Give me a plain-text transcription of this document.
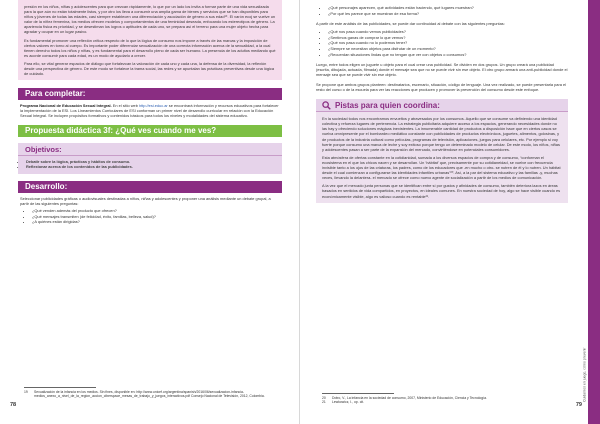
presión en los niños, niñas y adolescentes para que crezcan rápidamente, lo que por un lado los invita a formar parte de una vida sexualizada para la que aún no están totalmente listos, y por otro los lleva a consumir una amplia gama de bienes y servicios que se han disponibles para niños y jóvenes de todas las edades, casi siempre establecen una diferenciación y asociación de género a sus edad¹⁹. El varón ecoj se vuelve un valor de la niñez femenina, los medios ofrecen modelos y comportamientos de una feminidad deseada, enfocando los estereotipos de género. La apariencia física es prioridad, y se desestiman los logros o aptitudes de cada uno, se prepara así el terreno para una mujer objeto hecha para agradar y ocupar en un lugar pasivo.

Es fundamental promover una reflexión crítica respecto de lo que la lógica de consumo nos impone a través de las marcas y la imposición de ciertos valores en torno al cuerpo. Es importante poder diferenciar sexualización de una correcta información acerca de la sexualidad, a la cual tienen derecho todos los niños y niñas, y es fundamental para el desarrollo pleno de cada ser humano. La presencia de los adultos mediando qué es acorde consumir para cada edad, es un modo de ayudarlo a crecer.

Para ello, se vital generar espacios de diálogo que fortalezcan la valoración de cada uno y cada una, la defensa de la diversidad, la reflexión desde una perspectiva de género. De este modo se fortalece la trama social, las redes y se apuntalan las prácticas preventivas desde una lógica de cuidado.

Para completar:

Programa Nacional de Educación Sexual Integral. En el sitio web http://esi.educ.ar se encontrará información y recursos educativos para fortalecer la implementación de la ESI. Los Lineamientos Curriculares de ESI conforman un primer nivel de desarrollo curricular en relación con la Educación Sexual Integral. Se incluyen propósitos formativos y contenidos básicos para todos los niveles y modalidades del sistema educativo.

Propuesta didáctica 3f: ¿Qué ves cuando me ves?
Objetivos:
• Debatir sobre la lógica, prácticas y hábitos de consumo.
• Reflexionar acerca de los contenidos de las publicidades.
Desarrollo:

Seleccionar publicidades gráficas o audiovisuales destinadas a niños, niñas y adolescentes y proponer una análisis mediante un debate grupal, a partir de las siguientes preguntas:

• ¿Qué venden además del producto que ofrecen?
• ¿Qué mensajes transmiten (de felicidad, éxito, familias, belleza, salud)?
• ¿A quiénes están dirigidas?
19	Sexualización de la infancia en los medios. Sin fines, disponible en: http://www.unicef.org/argentina/spanish/2016/06/sexualizacion-infancia-medios_anexo_a_nivel_de_la_region_accion_ciberspace_mesas_de_trabajo_y_juegos_interactivos.pdf Consejo Nacional de Televisión, 2012, Colombia.
78
• ¿Qué personajes aparecen, qué actividades están haciendo, qué lugares muestran?
• ¿Por qué les parece que se muestran de esa forma?

A partir de este análisis de las publicidades, se puede dar continuidad al debate con las siguientes preguntas:

• ¿Qué nos pasa cuando vemos publicidades?
• ¿Sentimos ganas de comprar lo que vemos?
• ¿Qué nos pasa cuando no lo podemos tener?
• ¿Siempre se necesitan objetos para disfrutar de un momento?
• ¿Recuerdan situaciones lindas que no tengan que ver con objetos o consumos?

Luego, entre todos eligen un juguete u objeto para el cual crear una publicidad. Se dividen en dos grupos. Un grupo creará una publicidad (escrita, dibujada, actuada, filmada) donde el mensaje sea que no se puede vivir sin ese objeto. El otro grupo armará una anti-publicidad donde el mensaje sea que se puede vivir sin ese objeto.

Se propone que ambos grupos planteen: destinatarios, escenario, situación, código de lenguaje. Una vez realizado, se puede presentarla para el resto del curso o de la escuela para ver las reacciones que producen y promover la prevención del consumo desde este enfoque.

Pistas para quien coordina:

En la sociedad todos nos encontramos envueltos y atravesados por los consumos. Aquello que se consume va definiendo una identidad colectiva y refuerza lugares de pertenencia. La estrategia publicitaria adquiere acceso a los espacios, generando necesidades donde no las hay y ofreciendo soluciones mágicas inexistentes. La innumerable cantidad de productos a disposición hace que en ciertos casos se vuelva omnipresente por el bombardeo mediático constante con publicidades de productos electrónicos, juguetes, alimentos, golosinas, y de productos de la industria cultural como películas, programas de televisión, aplicaciones, juegos para celulares, etc. Por ejemplo si voy fuerte porque consumo una marca de leche y soy exitoso porque tengo un determinado modelo de celular. De este modo, los niños, niñas y adolescentes pasan a ser parte de la expansión del mercado, convirtiéndose en potenciales consumidores.

Esta atmósfera de ofertas constante en la cotidianidad, sumada a los diversos espacios de compra y de consumo, “conforman el ecosistema en el que los chicos nacen y se desarrollan. Un ‘hábitat’ que, precisamente por su cotidianeidad, se vuelve con frecuencia invisible tanto a los ojos de las criaturas, los padres, como de los educadores que -en mucho o otro- se nutren de él y lo nutren. Un hábitat desde el cual comienzan a configurarse las identidades infantiles urbanas”²⁰. Así, a la par del sistema educativo y las familias -y, muchas veces, llevando la delantera- el mercado se ofrece como nuevo agente de socialización a partir de los medios de comunicación.

A la vez que el mercado junta personas que se identifican entre sí por gustos y afinidades de consumo, también deteriora lazos en áreas basados en sentidos de vida compartidos, en proyectos, en ideales comunes. En nuestra sociedad de hoy, algo se hace visible cuando es económicamente visible, algo es valioso cuando es rentable²¹.

20	Dotro, V., La infancia en la sociedad de consumo, 2007, Ministerio de Educación, Ciencia y Tecnología.
21	Lewkowicz, I., op. cit.
Cuidarnos en juego, cómo prevenir
79
